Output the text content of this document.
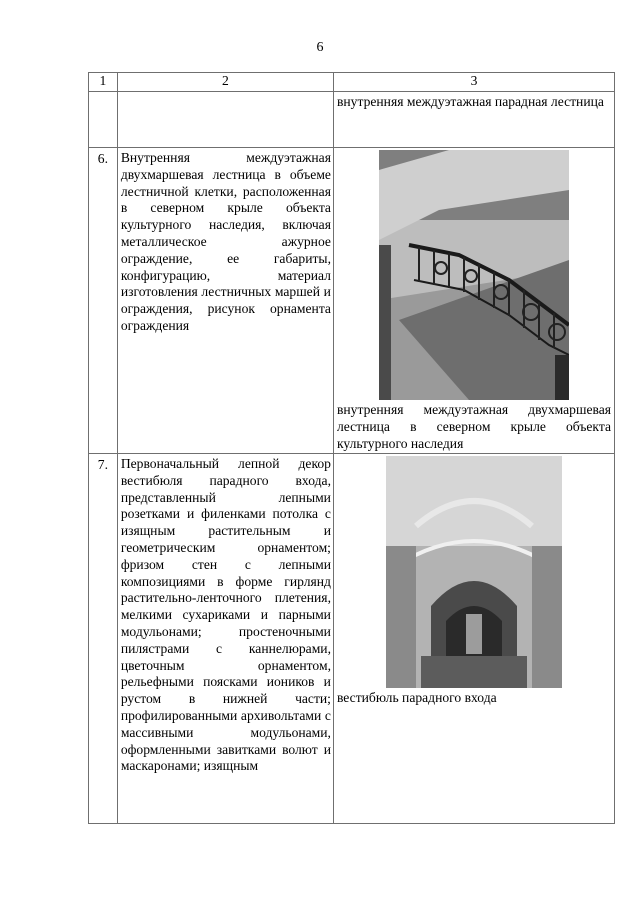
6
1	2	3

		внутренняя междуэтажная парадная лестница

6.	Внутренняя междуэтажная двухмаршевая лестница в объеме лестничной клетки, расположенная в северном крыле объекта культурного наследия, включая металлическое ажурное ограждение, ее габариты, конфигурацию, материал изготовления лестничных маршей и ограждения, рисунок орнамента ограждения	внутренняя междуэтажная двухмаршевая лестница в северном крыле объекта культурного наследия

7.	Первоначальный лепной декор вестибюля парадного входа, представленный лепными розетками и филенками потолка с изящным растительным и геометрическим орнаментом; фризом стен с лепными композициями в форме гирлянд растительно-ленточного плетения, мелкими сухариками и парными модульонами; простеночными пилястрами с каннелюрами, цветочным орнаментом, рельефными поясками иоников и рустом в нижней части; профилированными архивольтами с массивными модульонами, оформленными завитками волют и маскаронами; изящным	вестибюль парадного входа
